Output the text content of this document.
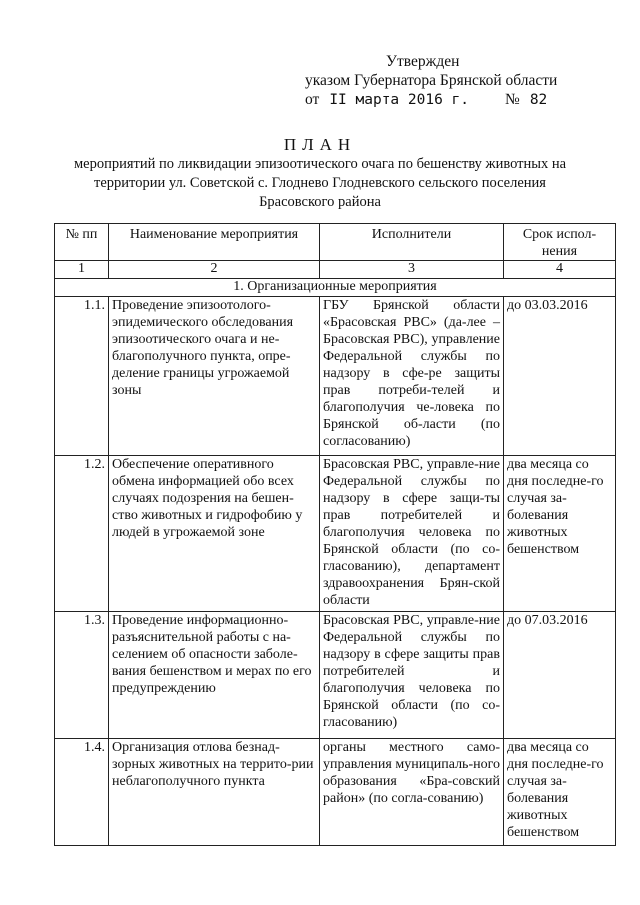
Утвержден
указом Губернатора Брянской области
от II марта 2016 г. № 82
ПЛАН
мероприятий по ликвидации эпизоотического очага по бешенству животных на территории ул. Советской с. Глоднево Глодневского сельского поселения Брасовского района
№ пп	Наименование мероприятия	Исполнители	Срок испол-нения
1	2	3	4
1. Организационные мероприятия			
1.1.	Проведение эпизоотолого-эпидемического обследования эпизоотического очага и не-благополучного пункта, опре-деление границы угрожаемой зоны	ГБУ Брянской области «Брасовская РВС» (да-лее – Брасовская РВС), управление Федеральной службы по надзору в сфе-ре защиты прав потреби-телей и благополучия че-ловека по Брянской об-ласти (по согласованию)	до 03.03.2016
1.2.	Обеспечение оперативного обмена информацией обо всех случаях подозрения на бешен-ство животных и гидрофобию у людей в угрожаемой зоне	Брасовская РВС, управле-ние Федеральной службы по надзору в сфере защи-ты прав потребителей и благополучия человека по Брянской области (по со-гласованию), департамент здравоохранения Брян-ской области	два месяца со дня последне-го случая за-болевания животных бешенством
1.3.	Проведение информационно-разъяснительной работы с на-селением об опасности заболе-вания бешенством и мерах по его предупреждению	Брасовская РВС, управле-ние Федеральной службы по надзору в сфере защиты прав потребителей и благополучия человека по Брянской области (по со-гласованию)	до 07.03.2016
1.4.	Организация отлова безнад-зорных животных на террито-рии неблагополучного пункта	органы местного само-управления муниципаль-ного образования «Бра-совский район» (по согла-сованию)	два месяца со дня последне-го случая за-болевания животных бешенством
